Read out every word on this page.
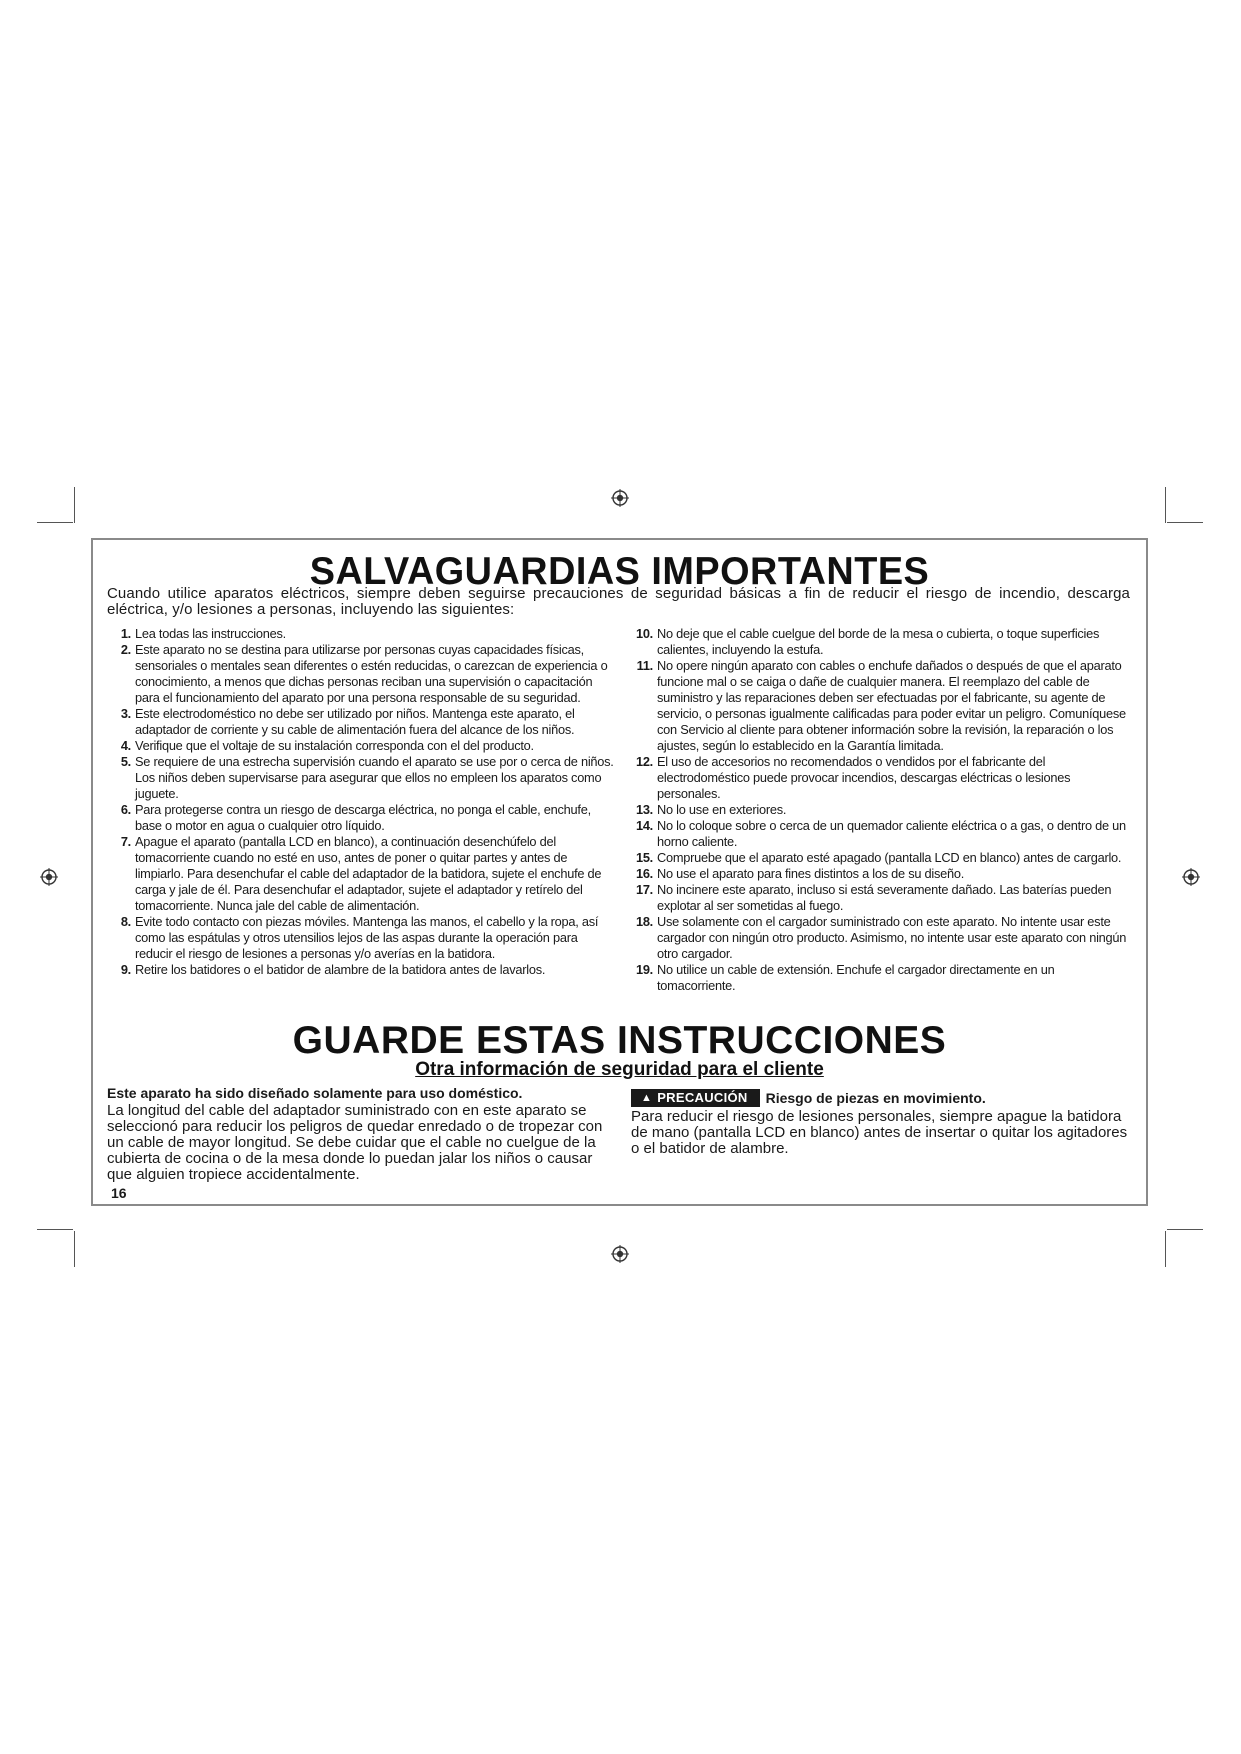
SALVAGUARDIAS IMPORTANTES
Cuando utilice aparatos eléctricos, siempre deben seguirse precauciones de seguridad básicas a fin de reducir el riesgo de incendio, descarga eléctrica, y/o lesiones a personas, incluyendo las siguientes:
1. Lea todas las instrucciones.
2. Este aparato no se destina para utilizarse por personas cuyas capacidades físicas, sensoriales o mentales sean diferentes o estén reducidas, o carezcan de experiencia o conocimiento, a menos que dichas personas reciban una supervisión o capacitación para el funcionamiento del aparato por una persona responsable de su seguridad.
3. Este electrodoméstico no debe ser utilizado por niños. Mantenga este aparato, el adaptador de corriente y su cable de alimentación fuera del alcance de los niños.
4. Verifique que el voltaje de su instalación corresponda con el del producto.
5. Se requiere de una estrecha supervisión cuando el aparato se use por o cerca de niños. Los niños deben supervisarse para asegurar que ellos no empleen los aparatos como juguete.
6. Para protegerse contra un riesgo de descarga eléctrica, no ponga el cable, enchufe, base o motor en agua o cualquier otro líquido.
7. Apague el aparato (pantalla LCD en blanco), a continuación desenchúfelo del tomacorriente cuando no esté en uso, antes de poner o quitar partes y antes de limpiarlo. Para desenchufar el cable del adaptador de la batidora, sujete el enchufe de carga y jale de él. Para desenchufar el adaptador, sujete el adaptador y retírelo del tomacorriente. Nunca jale del cable de alimentación.
8. Evite todo contacto con piezas móviles. Mantenga las manos, el cabello y la ropa, así como las espátulas y otros utensilios lejos de las aspas durante la operación para reducir el riesgo de lesiones a personas y/o averías en la batidora.
9. Retire los batidores o el batidor de alambre de la batidora antes de lavarlos.
10. No deje que el cable cuelgue del borde de la mesa o cubierta, o toque superficies calientes, incluyendo la estufa.
11. No opere ningún aparato con cables o enchufe dañados o después de que el aparato funcione mal o se caiga o dañe de cualquier manera. El reemplazo del cable de suministro y las reparaciones deben ser efectuadas por el fabricante, su agente de servicio, o personas igualmente calificadas para poder evitar un peligro. Comuníquese con Servicio al cliente para obtener información sobre la revisión, la reparación o los ajustes, según lo establecido en la Garantía limitada.
12. El uso de accesorios no recomendados o vendidos por el fabricante del electrodoméstico puede provocar incendios, descargas eléctricas o lesiones personales.
13. No lo use en exteriores.
14. No lo coloque sobre o cerca de un quemador caliente eléctrica o a gas, o dentro de un horno caliente.
15. Compruebe que el aparato esté apagado (pantalla LCD en blanco) antes de cargarlo.
16. No use el aparato para fines distintos a los de su diseño.
17. No incinere este aparato, incluso si está severamente dañado. Las baterías pueden explotar al ser sometidas al fuego.
18. Use solamente con el cargador suministrado con este aparato. No intente usar este cargador con ningún otro producto. Asimismo, no intente usar este aparato con ningún otro cargador.
19. No utilice un cable de extensión. Enchufe el cargador directamente en un tomacorriente.
GUARDE ESTAS INSTRUCCIONES
Otra información de seguridad para el cliente
Este aparato ha sido diseñado solamente para uso doméstico.
La longitud del cable del adaptador suministrado con en este aparato se seleccionó para reducir los peligros de quedar enredado o de tropezar con un cable de mayor longitud. Se debe cuidar que el cable no cuelgue de la cubierta de cocina o de la mesa donde lo puedan jalar los niños o causar que alguien tropiece accidentalmente.
▲ PRECAUCIÓN Riesgo de piezas en movimiento.
Para reducir el riesgo de lesiones personales, siempre apague la batidora de mano (pantalla LCD en blanco) antes de insertar o quitar los agitadores o el batidor de alambre.
16
